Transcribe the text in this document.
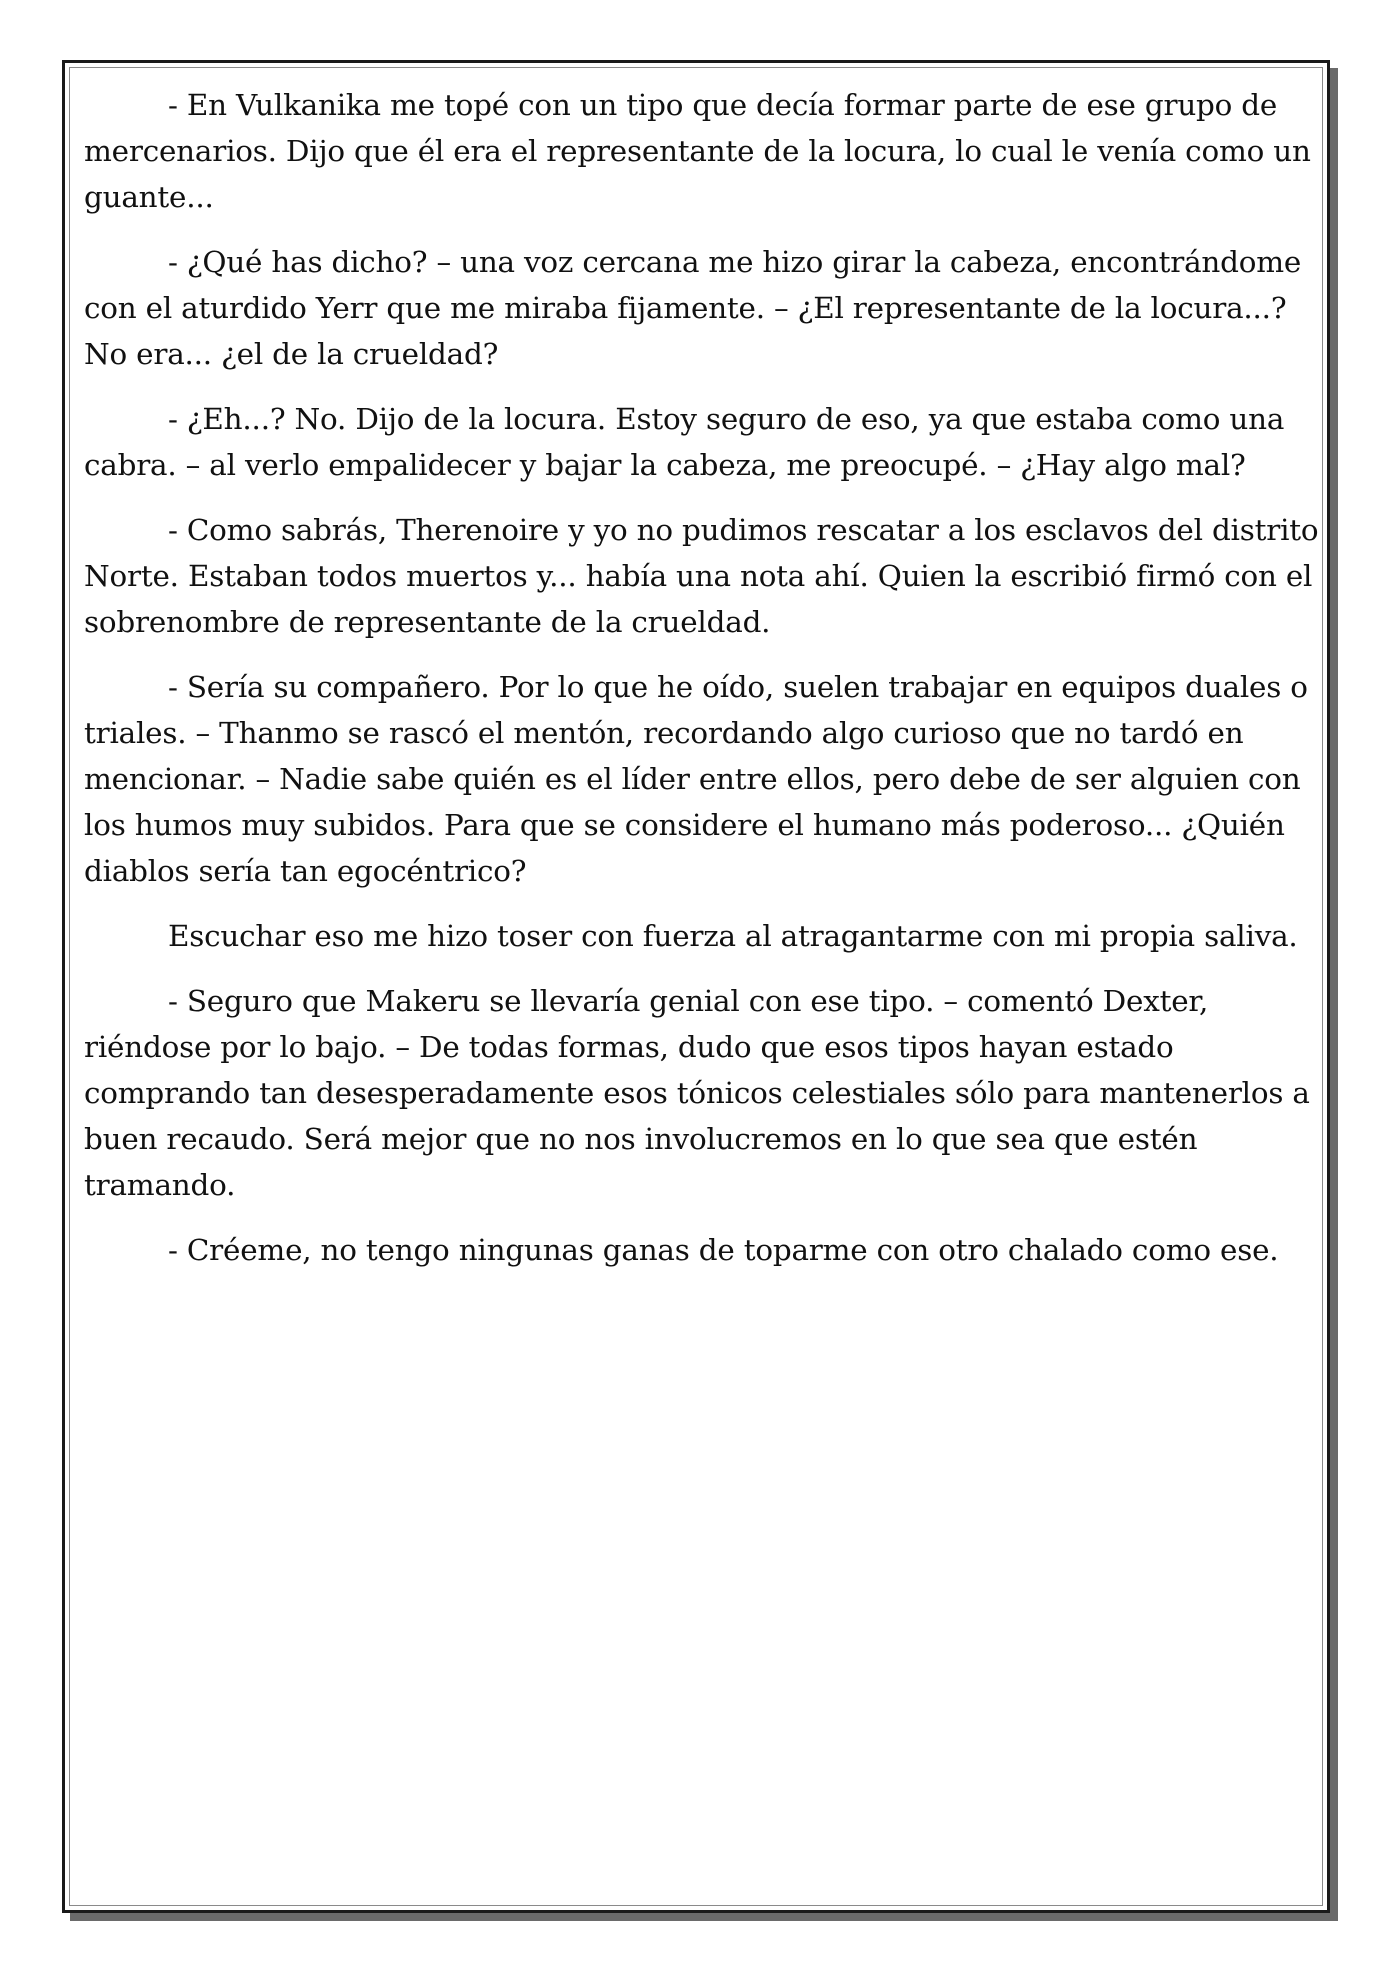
- En Vulkanika me topé con un tipo que decía formar parte de ese grupo de mercenarios. Dijo que él era el representante de la locura, lo cual le venía como un guante...

- ¿Qué has dicho? – una voz cercana me hizo girar la cabeza, encontrándome con el aturdido Yerr que me miraba fijamente. – ¿El representante de la locura...? No era... ¿el de la crueldad?

- ¿Eh...? No. Dijo de la locura. Estoy seguro de eso, ya que estaba como una cabra. – al verlo empalidecer y bajar la cabeza, me preocupé. – ¿Hay algo mal?

- Como sabrás, Therenoire y yo no pudimos rescatar a los esclavos del distrito Norte. Estaban todos muertos y... había una nota ahí. Quien la escribió firmó con el sobrenombre de representante de la crueldad.

- Sería su compañero. Por lo que he oído, suelen trabajar en equipos duales o triales. – Thanmo se rascó el mentón, recordando algo curioso que no tardó en mencionar. – Nadie sabe quién es el líder entre ellos, pero debe de ser alguien con los humos muy subidos. Para que se considere el humano más poderoso... ¿Quién diablos sería tan egocéntrico?

Escuchar eso me hizo toser con fuerza al atragantarme con mi propia saliva.

- Seguro que Makeru se llevaría genial con ese tipo. – comentó Dexter, riéndose por lo bajo. – De todas formas, dudo que esos tipos hayan estado comprando tan desesperadamente esos tónicos celestiales sólo para mantenerlos a buen recaudo. Será mejor que no nos involucremos en lo que sea que estén tramando.

- Créeme, no tengo ningunas ganas de toparme con otro chalado como ese.
